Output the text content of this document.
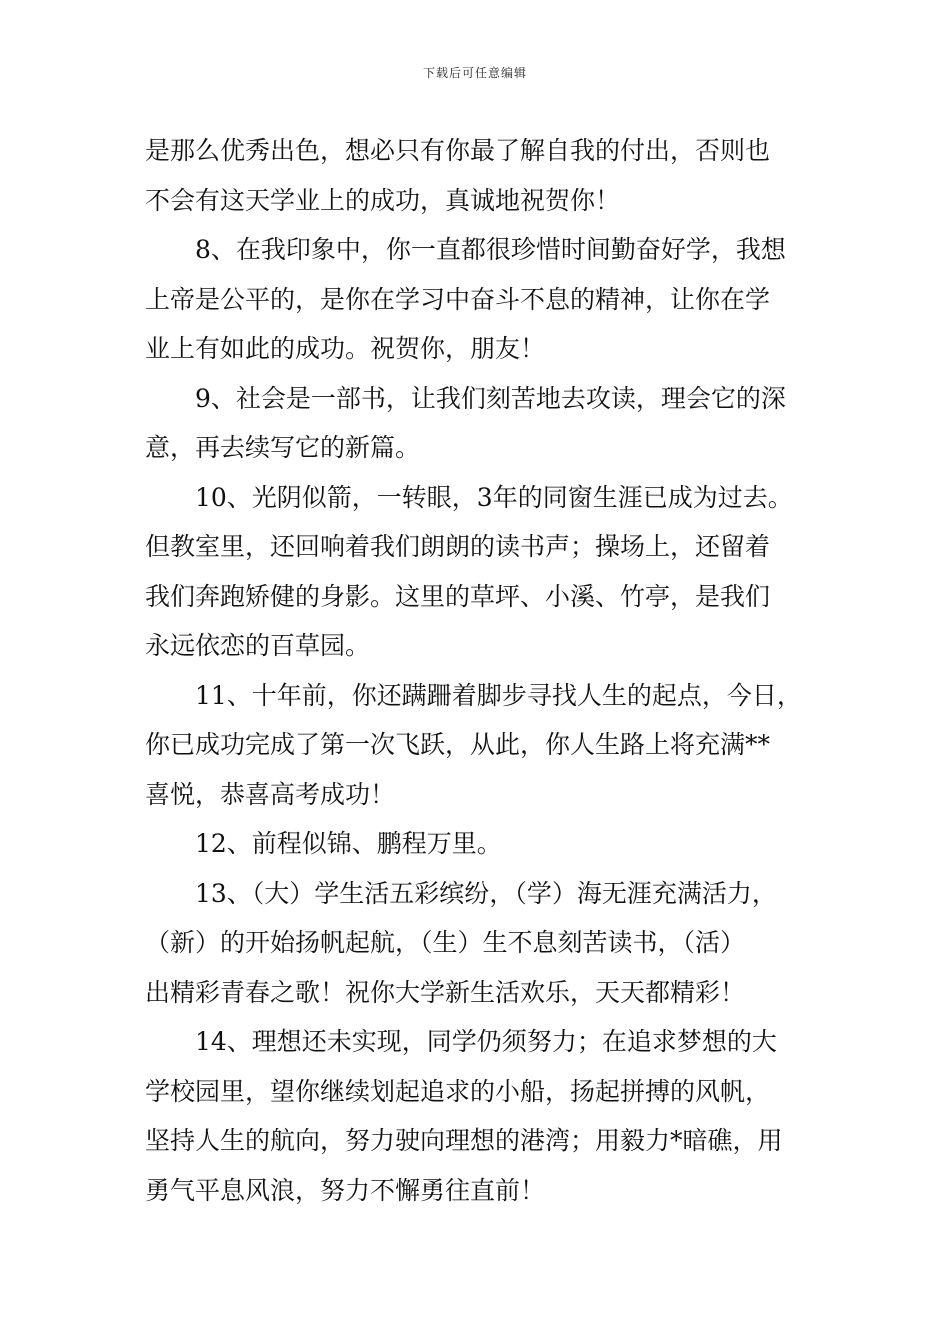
下载后可任意编辑
是那么优秀出色，想必只有你最了解自我的付出，否则也
不会有这天学业上的成功，真诚地祝贺你！
8、在我印象中，你一直都很珍惜时间勤奋好学，我想
上帝是公平的，是你在学习中奋斗不息的精神，让你在学
业上有如此的成功。祝贺你，朋友！
9、社会是一部书，让我们刻苦地去攻读，理会它的深
意，再去续写它的新篇。
10、光阴似箭，一转眼，3年的同窗生涯已成为过去。
但教室里，还回响着我们朗朗的读书声；操场上，还留着
我们奔跑矫健的身影。这里的草坪、小溪、竹亭，是我们
永远依恋的百草园。
11、十年前，你还蹒跚着脚步寻找人生的起点，今日，
你已成功完成了第一次飞跃，从此，你人生路上将充满**
喜悦，恭喜高考成功！
12、前程似锦、鹏程万里。
13、（大）学生活五彩缤纷，（学）海无涯充满活力，
（新）的开始扬帆起航，（生）生不息刻苦读书，（活）
出精彩青春之歌！祝你大学新生活欢乐，天天都精彩！
14、理想还未实现，同学仍须努力；在追求梦想的大
学校园里，望你继续划起追求的小船，扬起拼搏的风帆，
坚持人生的航向，努力驶向理想的港湾；用毅力*暗礁，用
勇气平息风浪，努力不懈勇往直前！
